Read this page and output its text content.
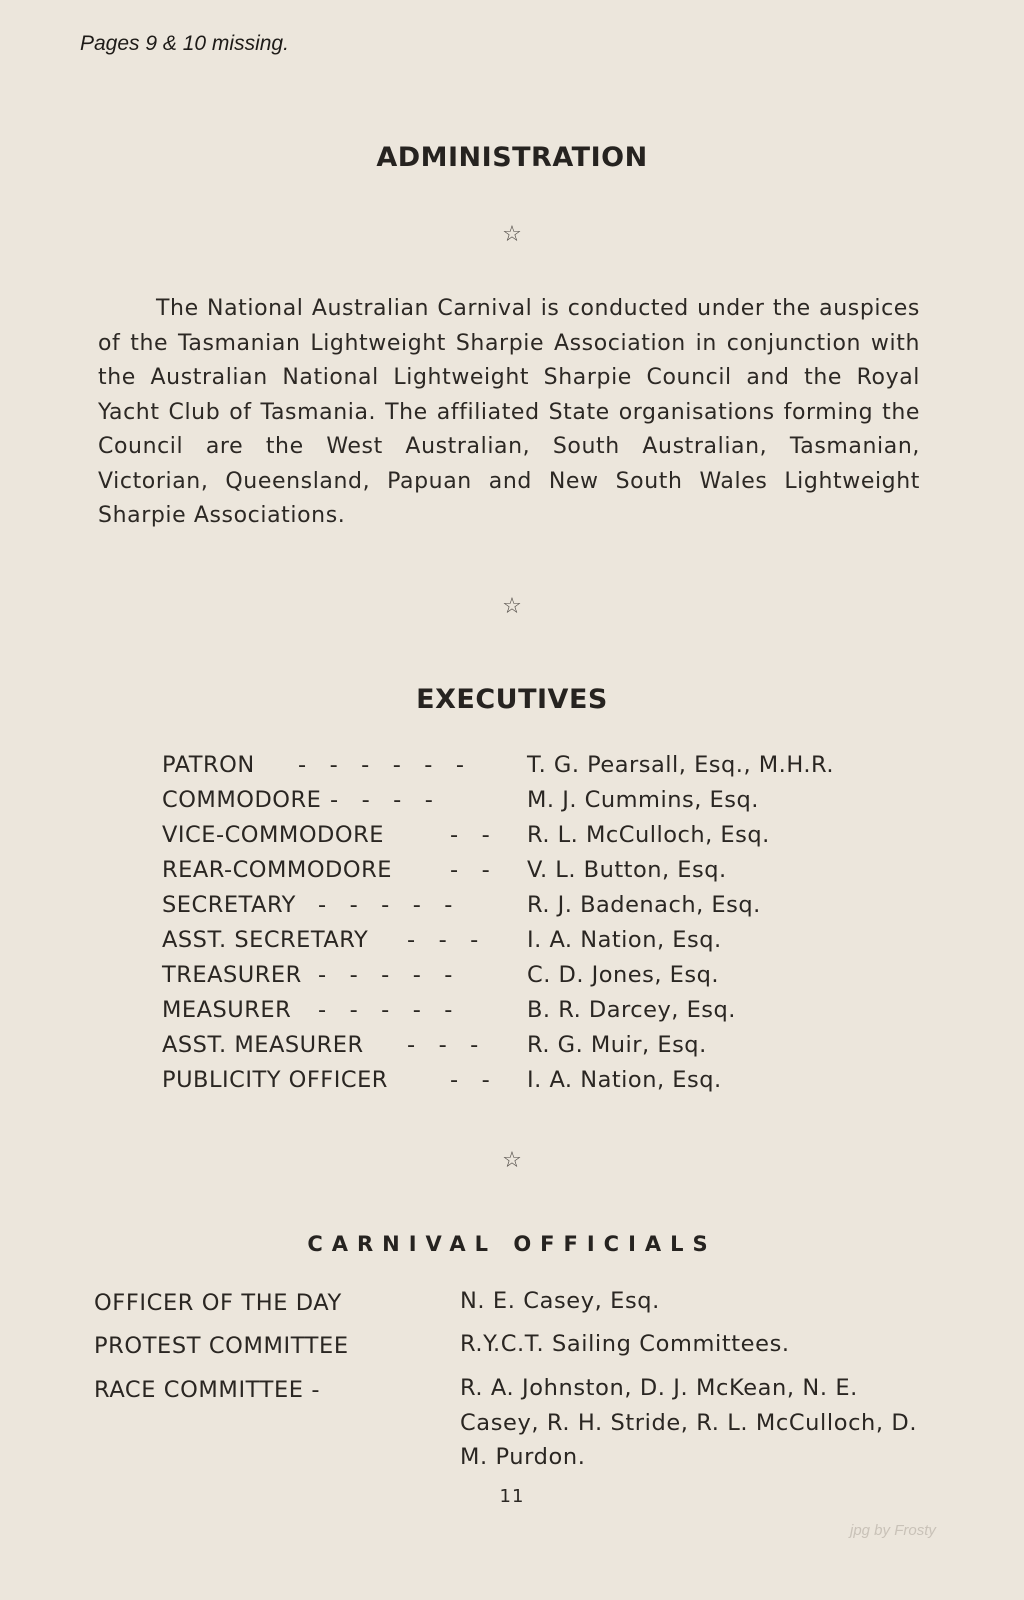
Pages 9 & 10 missing.
ADMINISTRATION
☆
The National Australian Carnival is conducted under the auspices of the Tasmanian Lightweight Sharpie Association in conjunction with the Australian National Lightweight Sharpie Council and the Royal Yacht Club of Tasmania. The affiliated State organisations forming the Council are the West Australian, South Australian, Tasmanian, Victorian, Queensland, Papuan and New South Wales Lightweight Sharpie Associations.
☆
EXECUTIVES
PATRON -   -   -   -   -   -	T. G. Pearsall, Esq., M.H.R.
COMMODORE -   -   -   -	M. J. Cummins, Esq.
VICE-COMMODORE	-   - R. L. McCulloch, Esq.
REAR-COMMODORE	-   - V. L. Button, Esq.
SECRETARY -   -   -   -   -	R. J. Badenach, Esq.
ASST. SECRETARY -   -   - I. A. Nation, Esq.
TREASURER -   -   -   -   -	C. D. Jones, Esq.
MEASURER -   -   -   -   -	B. R. Darcey, Esq.
ASST. MEASURER -   -   - R. G. Muir, Esq.
PUBLICITY OFFICER	-   - I. A. Nation, Esq.
☆
CARNIVAL OFFICIALS
OFFICER OF THE DAY	N. E. Casey, Esq.
PROTEST COMMITTEE	R.Y.C.T. Sailing Committees.
RACE COMMITTEE -	R. A. Johnston, D. J. McKean, N. E. Casey, R. H. Stride, R. L. McCulloch, D. M. Purdon.
11
jpg by Frosty
